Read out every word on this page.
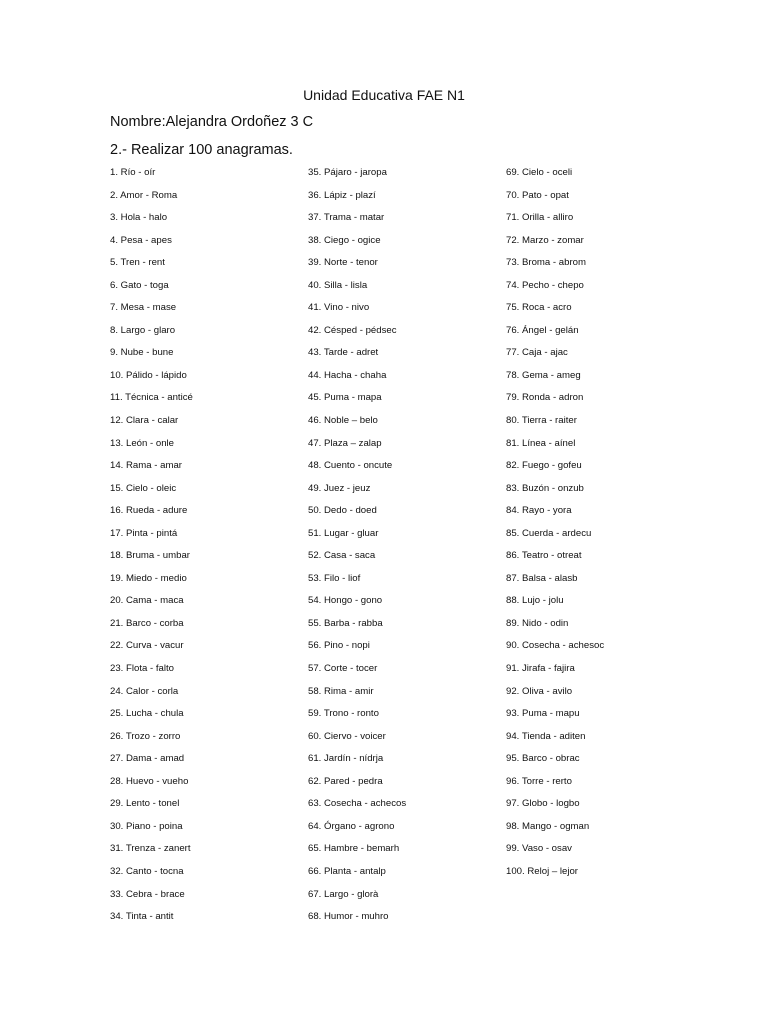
Unidad Educativa FAE N1
Nombre:Alejandra Ordoñez 3 C
2.- Realizar 100 anagramas.
1. Río - oír
2. Amor - Roma
3. Hola - halo
4. Pesa - apes
5. Tren - rent
6. Gato - toga
7. Mesa - mase
8. Largo - glaro
9. Nube - bune
10. Pálido - lápido
11. Técnica - anticé
12. Clara - calar
13. León - onle
14. Rama - amar
15. Cielo - oleic
16. Rueda - adure
17. Pinta - pintá
18. Bruma - umbar
19. Miedo - medio
20. Cama - maca
21. Barco - corba
22. Curva - vacur
23. Flota - falto
24. Calor - corla
25. Lucha - chula
26. Trozo - zorro
27. Dama - amad
28. Huevo - vueho
29. Lento - tonel
30. Piano - poina
31. Trenza - zanert
32. Canto - tocna
33. Cebra - brace
34. Tinta - antit
35. Pájaro - jaropa
36. Lápiz - plazí
37. Trama - matar
38. Ciego - ogice
39. Norte - tenor
40. Silla - lisla
41. Vino - nivo
42. Césped - pédsec
43. Tarde - adret
44. Hacha - chaha
45. Puma - mapa
46. Noble – belo
47. Plaza – zalap
48. Cuento - oncute
49. Juez - jeuz
50. Dedo - doed
51. Lugar - gluar
52. Casa - saca
53. Filo - liof
54. Hongo - gono
55. Barba - rabba
56. Pino - nopi
57. Corte - tocer
58. Rima - amir
59. Trono - ronto
60. Ciervo - voicer
61. Jardín - nídrja
62. Pared - pedra
63. Cosecha - achecos
64. Órgano - agrono
65. Hambre - bemarh
66. Planta - antalp
67. Largo - glorà
68. Humor - muhro
69. Cielo - oceli
70. Pato - opat
71. Orilla - alliro
72. Marzo - zomar
73. Broma - abrom
74. Pecho - chepo
75. Roca - acro
76. Ángel - gelán
77. Caja - ajac
78. Gema - ameg
79. Ronda - adron
80. Tierra - raiter
81. Línea - aínel
82. Fuego - gofeu
83. Buzón - onzub
84. Rayo - yora
85. Cuerda - ardecu
86. Teatro - otreat
87. Balsa - alasb
88. Lujo - jolu
89. Nido - odin
90. Cosecha - achesoc
91. Jirafa - fajira
92. Oliva - avilo
93. Puma - mapu
94. Tienda - aditen
95. Barco - obrac
96. Torre - rerto
97. Globo - logbo
98. Mango - ogman
99. Vaso - osav
100. Reloj – lejor
